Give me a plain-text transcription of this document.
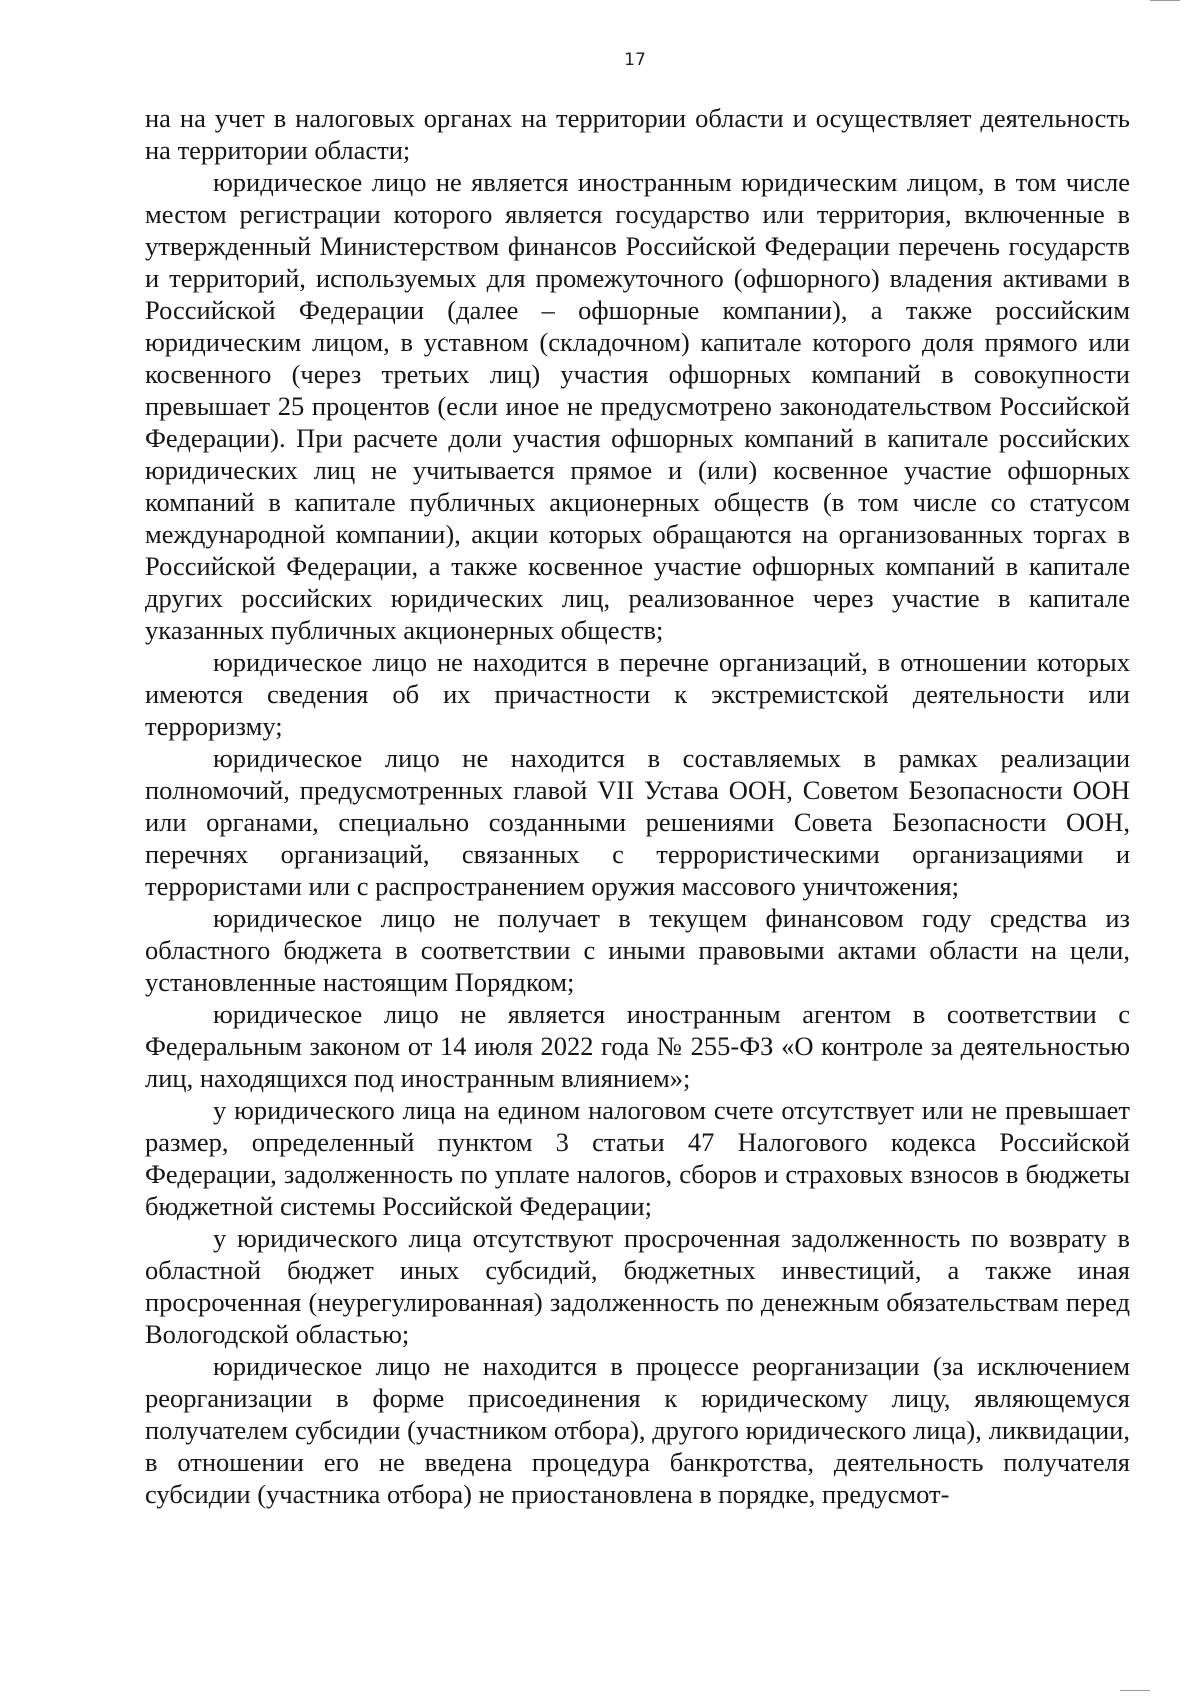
17

на на учет в налоговых органах на территории области и осуществляет деятельность на территории области;

юридическое лицо не является иностранным юридическим лицом, в том числе местом регистрации которого является государство или территория, включенные в утвержденный Министерством финансов Российской Федерации перечень государств и территорий, используемых для промежуточного (офшорного) владения активами в Российской Федерации (далее – офшорные компании), а также российским юридическим лицом, в уставном (складочном) капитале которого доля прямого или косвенного (через третьих лиц) участия офшорных компаний в совокупности превышает 25 процентов (если иное не предусмотрено законодательством Российской Федерации). При расчете доли участия офшорных компаний в капитале российских юридических лиц не учитывается прямое и (или) косвенное участие офшорных компаний в капитале публичных акционерных обществ (в том числе со статусом международной компании), акции которых обращаются на организованных торгах в Российской Федерации, а также косвенное участие офшорных компаний в капитале других российских юридических лиц, реализованное через участие в капитале указанных публичных акционерных обществ;

юридическое лицо не находится в перечне организаций, в отношении которых имеются сведения об их причастности к экстремистской деятельности или терроризму;

юридическое лицо не находится в составляемых в рамках реализации полномочий, предусмотренных главой VII Устава ООН, Советом Безопасности ООН или органами, специально созданными решениями Совета Безопасности ООН, перечнях организаций, связанных с террористическими организациями и террористами или с распространением оружия массового уничтожения;

юридическое лицо не получает в текущем финансовом году средства из областного бюджета в соответствии с иными правовыми актами области на цели, установленные настоящим Порядком;

юридическое лицо не является иностранным агентом в соответствии с Федеральным законом от 14 июля 2022 года № 255-ФЗ «О контроле за деятельностью лиц, находящихся под иностранным влиянием»;

у юридического лица на едином налоговом счете отсутствует или не превышает размер, определенный пунктом 3 статьи 47 Налогового кодекса Российской Федерации, задолженность по уплате налогов, сборов и страховых взносов в бюджеты бюджетной системы Российской Федерации;

у юридического лица отсутствуют просроченная задолженность по возврату в областной бюджет иных субсидий, бюджетных инвестиций, а также иная просроченная (неурегулированная) задолженность по денежным обязательствам перед Вологодской областью;

юридическое лицо не находится в процессе реорганизации (за исключением реорганизации в форме присоединения к юридическому лицу, являющемуся получателем субсидии (участником отбора), другого юридического лица), ликвидации, в отношении его не введена процедура банкротства, деятельность получателя субсидии (участника отбора) не приостановлена в порядке, предусмот-
